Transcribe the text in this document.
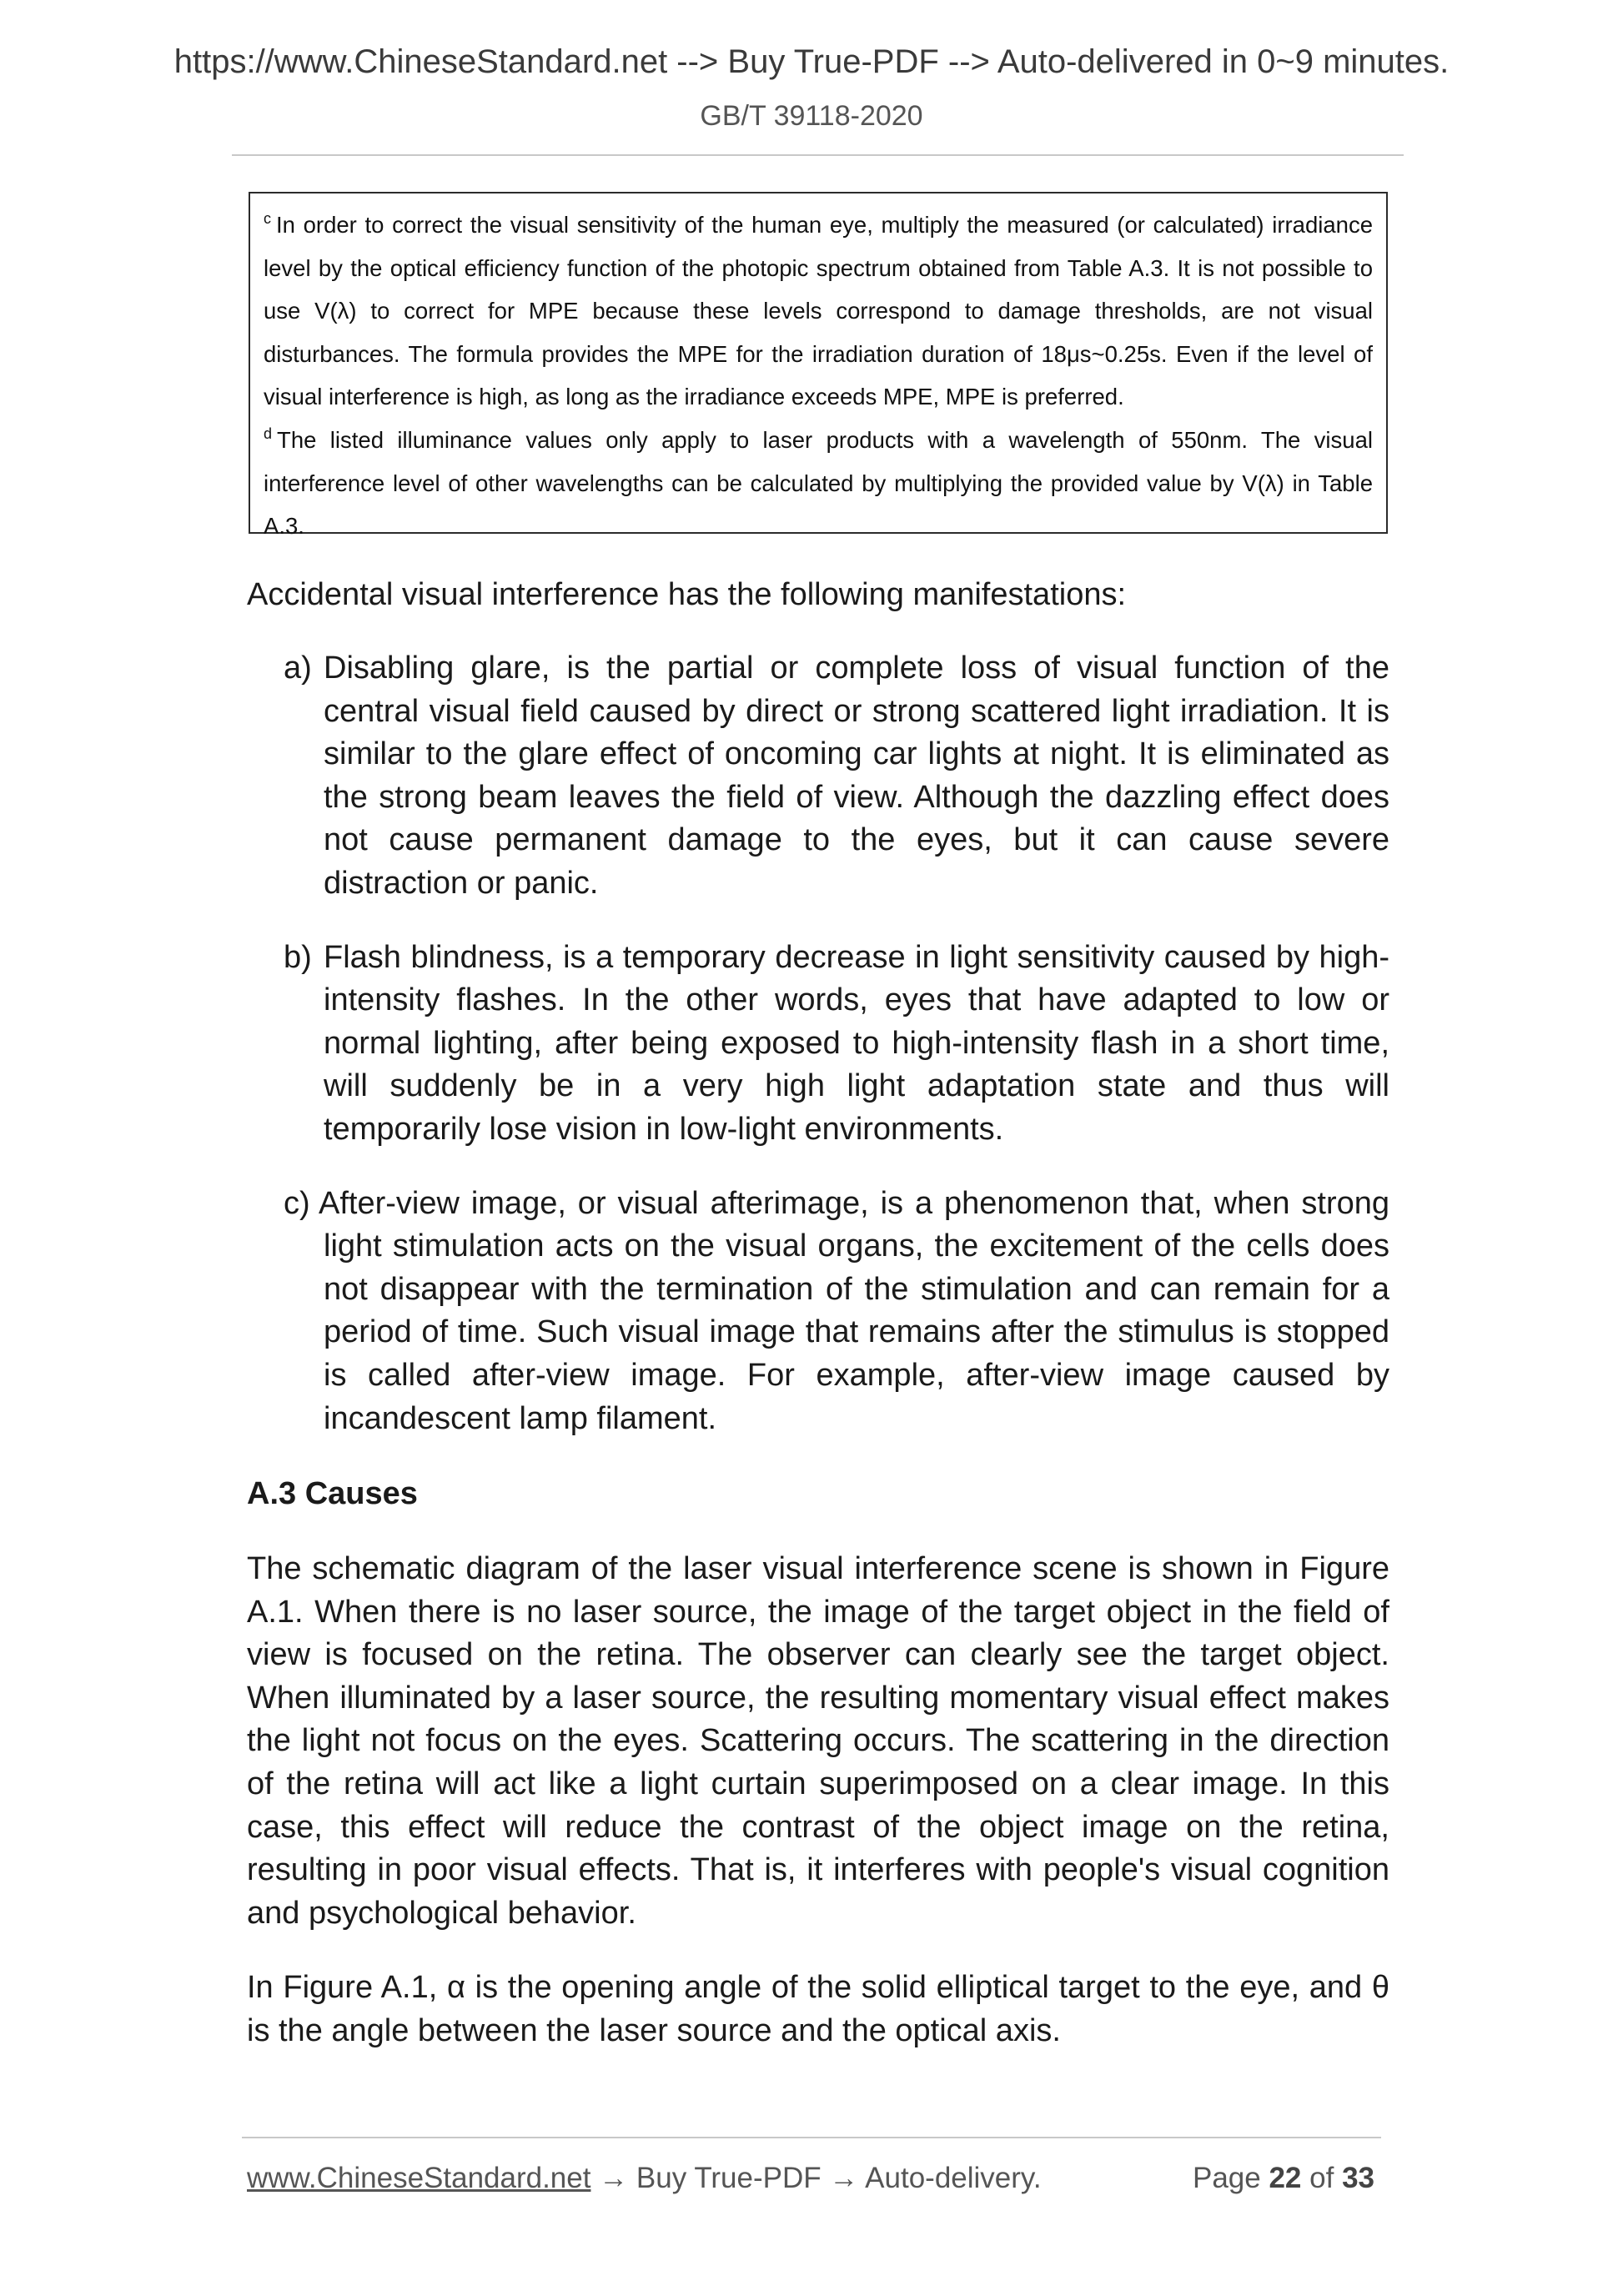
https://www.ChineseStandard.net --> Buy True-PDF --> Auto-delivered in 0~9 minutes.
GB/T 39118-2020

$^c$ In order to correct the visual sensitivity of the human eye, multiply the measured (or calculated) irradiance level by the optical efficiency function of the photopic spectrum obtained from Table A.3. It is not possible to use V(λ) to correct for MPE because these levels correspond to damage thresholds, are not visual disturbances. The formula provides the MPE for the irradiation duration of 18μs~0.25s. Even if the level of visual interference is high, as long as the irradiance exceeds MPE, MPE is preferred.

$^d$ The listed illuminance values only apply to laser products with a wavelength of 550nm. The visual interference level of other wavelengths can be calculated by multiplying the provided value by V(λ) in Table A.3.

Accidental visual interference has the following manifestations:
a) Disabling glare, is the partial or complete loss of visual function of the central visual field caused by direct or strong scattered light irradiation. It is similar to the glare effect of oncoming car lights at night. It is eliminated as the strong beam leaves the field of view. Although the dazzling effect does not cause permanent damage to the eyes, but it can cause severe distraction or panic.
b) Flash blindness, is a temporary decrease in light sensitivity caused by high-intensity flashes. In the other words, eyes that have adapted to low or normal lighting, after being exposed to high-intensity flash in a short time, will suddenly be in a very high light adaptation state and thus will temporarily lose vision in low-light environments.
c) After-view image, or visual afterimage, is a phenomenon that, when strong light stimulation acts on the visual organs, the excitement of the cells does not disappear with the termination of the stimulation and can remain for a period of time. Such visual image that remains after the stimulus is stopped is called after-view image. For example, after-view image caused by incandescent lamp filament.
A.3 Causes

The schematic diagram of the laser visual interference scene is shown in Figure A.1. When there is no laser source, the image of the target object in the field of view is focused on the retina. The observer can clearly see the target object. When illuminated by a laser source, the resulting momentary visual effect makes the light not focus on the eyes. Scattering occurs. The scattering in the direction of the retina will act like a light curtain superimposed on a clear image. In this case, this effect will reduce the contrast of the object image on the retina, resulting in poor visual effects. That is, it interferes with people's visual cognition and psychological behavior.

In Figure A.1, α is the opening angle of the solid elliptical target to the eye, and θ is the angle between the laser source and the optical axis.

www.ChineseStandard.net → Buy True-PDF → Auto-delivery.	Page 22 of 33
